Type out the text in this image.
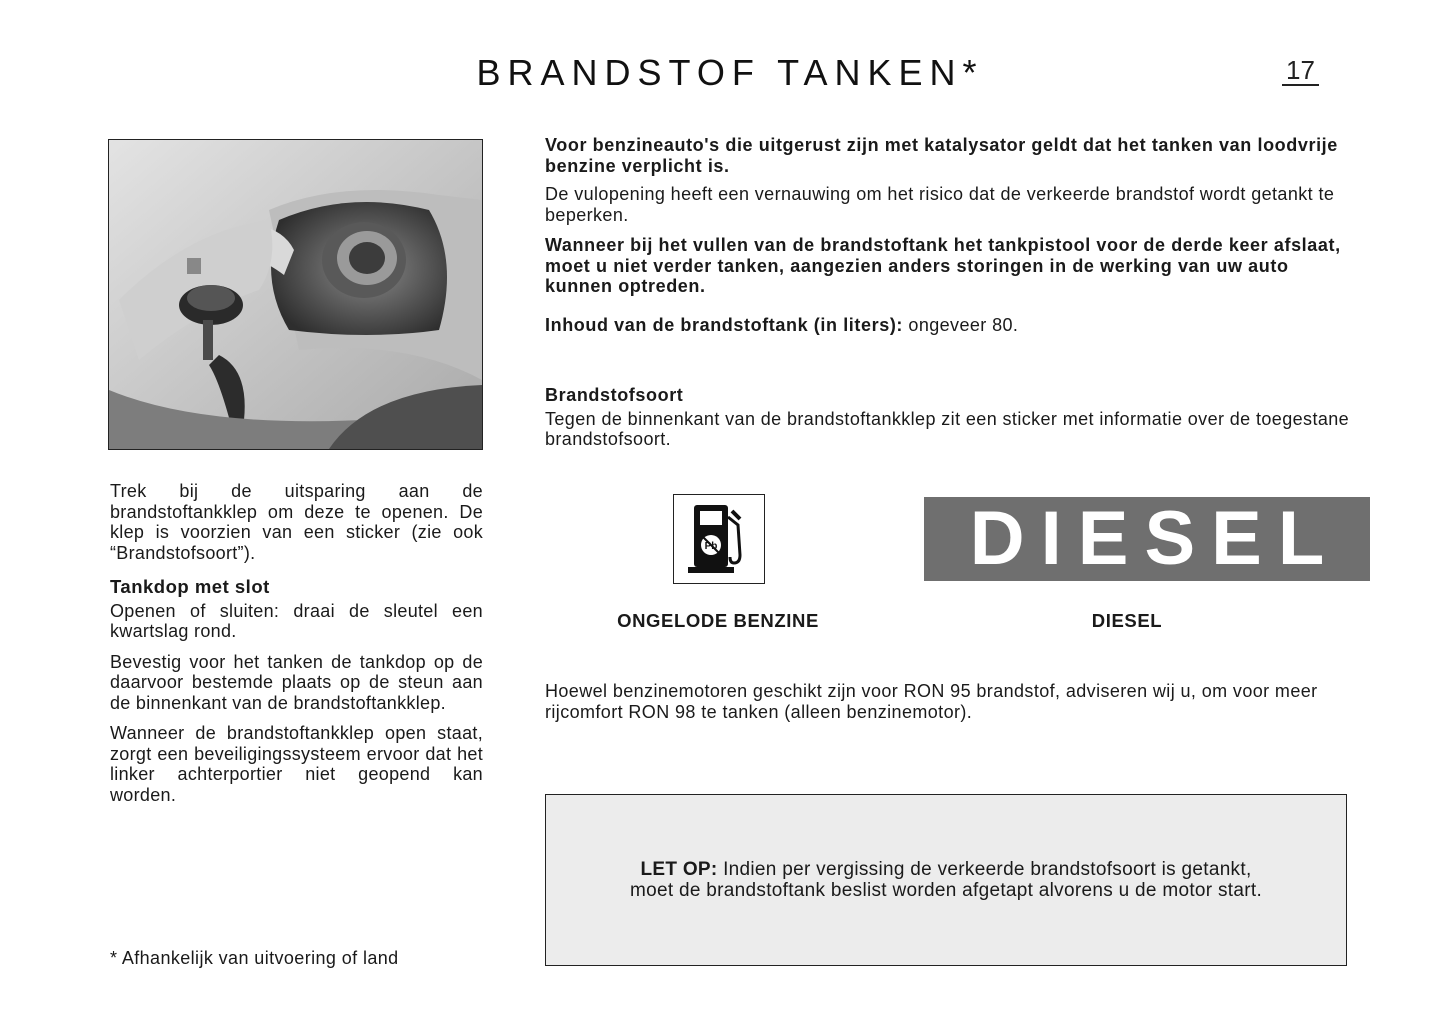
BRANDSTOF TANKEN*	17

Trek bij de uitsparing aan de brandstoftankklep om deze te openen. De klep is voorzien van een sticker (zie ook “Brandstofsoort”).

Tankdop met slot

Openen of sluiten: draai de sleutel een kwartslag rond.

Bevestig voor het tanken de tankdop op de daarvoor bestemde plaats op de steun aan de binnenkant van de brandstoftankklep.

Wanneer de brandstoftankklep open staat, zorgt een beveiligingssysteem ervoor dat het linker achterportier niet geopend kan worden.

* Afhankelijk van uitvoering of land

Voor benzineauto's die uitgerust zijn met katalysator geldt dat het tanken van loodvrije benzine verplicht is.

De vulopening heeft een vernauwing om het risico dat de verkeerde brandstof wordt getankt te beperken.

Wanneer bij het vullen van de brandstoftank het tankpistool voor de derde keer afslaat, moet u niet verder tanken, aangezien anders storingen in de werking van uw auto kunnen optreden.

Inhoud van de brandstoftank (in liters): ongeveer 80.

Brandstofsoort

Tegen de binnenkant van de brandstoftankklep zit een sticker met informatie over de toegestane brandstofsoort.

Pb	DIESEL
ONGELODE BENZINE	DIESEL
Hoewel benzinemotoren geschikt zijn voor RON 95 brandstof, adviseren wij u, om voor meer rijcomfort RON 98 te tanken (alleen benzinemotor).
LET OP: Indien per vergissing de verkeerde brandstofsoort is getankt, moet de brandstoftank beslist worden afgetapt alvorens u de motor start.
